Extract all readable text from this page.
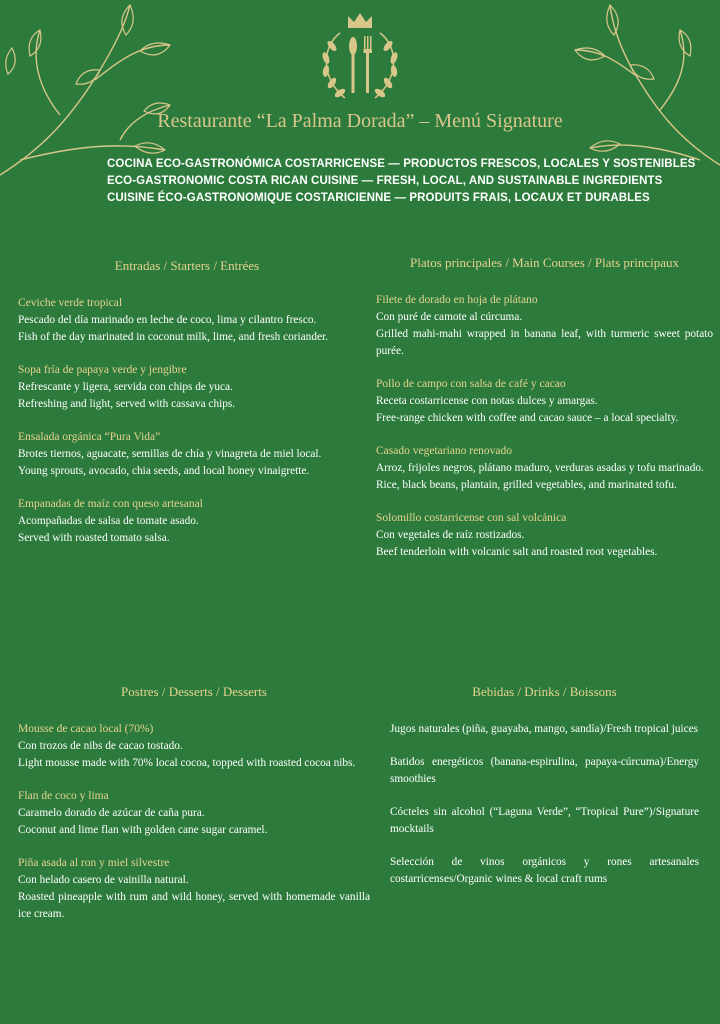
Restaurante “La Palma Dorada” – Menú Signature
COCINA ECO-GASTRONÓMICA COSTARRICENSE — PRODUCTOS FRESCOS, LOCALES Y SOSTENIBLES
ECO-GASTRONOMIC COSTA RICAN CUISINE — FRESH, LOCAL, AND SUSTAINABLE INGREDIENTS
CUISINE ÉCO-GASTRONOMIQUE COSTARICIENNE — PRODUITS FRAIS, LOCAUX ET DURABLES
Entradas / Starters / Entrées
Ceviche verde tropical
Pescado del día marinado en leche de coco, lima y cilantro fresco.
Fish of the day marinated in coconut milk, lime, and fresh coriander.
Sopa fría de papaya verde y jengibre
Refrescante y ligera, servida con chips de yuca.
Refreshing and light, served with cassava chips.
Ensalada orgánica “Pura Vida”
Brotes tiernos, aguacate, semillas de chía y vinagreta de miel local.
Young sprouts, avocado, chia seeds, and local honey vinaigrette.
Empanadas de maíz con queso artesanal
Acompañadas de salsa de tomate asado.
Served with roasted tomato salsa.
Platos principales / Main Courses / Plats principaux
Filete de dorado en hoja de plátano
Con puré de camote al cúrcuma.
Grilled mahi-mahi wrapped in banana leaf, with turmeric sweet potato purée.
Pollo de campo con salsa de café y cacao
Receta costarricense con notas dulces y amargas.
Free-range chicken with coffee and cacao sauce – a local specialty.
Casado vegetariano renovado
Arroz, frijoles negros, plátano maduro, verduras asadas y tofu marinado.
Rice, black beans, plantain, grilled vegetables, and marinated tofu.
Solomillo costarricense con sal volcánica
Con vegetales de raíz rostizados.
Beef tenderloin with volcanic salt and roasted root vegetables.
Postres / Desserts / Desserts
Mousse de cacao local (70%)
Con trozos de nibs de cacao tostado.
Light mousse made with 70% local cocoa, topped with roasted cocoa nibs.
Flan de coco y lima
Caramelo dorado de azúcar de caña pura.
Coconut and lime flan with golden cane sugar caramel.
Piña asada al ron y miel silvestre
Con helado casero de vainilla natural.
Roasted pineapple with rum and wild honey, served with homemade vanilla ice cream.
Bebidas / Drinks / Boissons
Jugos naturales (piña, guayaba, mango, sandía)/Fresh tropical juices
Batidos energéticos (banana-espirulina, papaya-cúrcuma)/Energy smoothies
Cócteles sin alcohol (“Laguna Verde”, “Tropical Pure”)/Signature mocktails
Selección de vinos orgánicos y rones artesanales costarricenses/Organic wines & local craft rums
